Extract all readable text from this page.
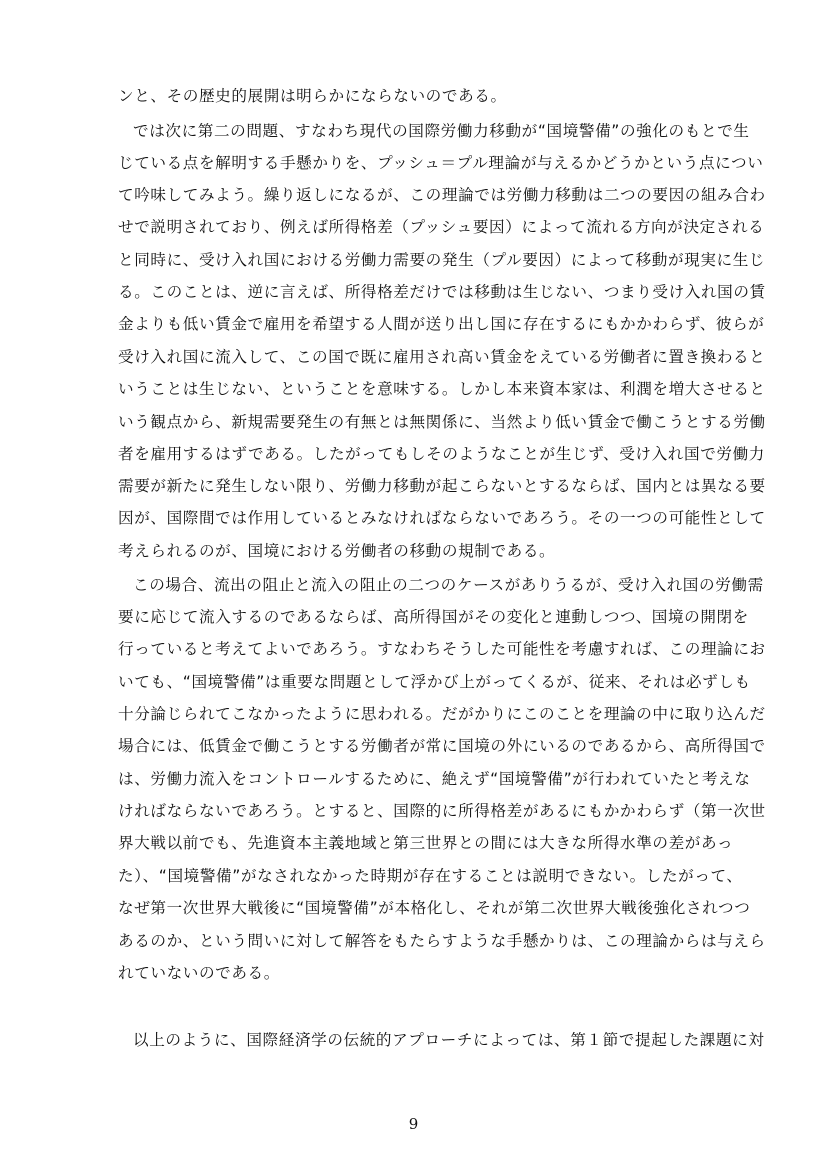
ンと、その歴史的展開は明らかにならないのである。
では次に第二の問題、すなわち現代の国際労働力移動が“国境警備”の強化のもとで生
じている点を解明する手懸かりを、プッシュ＝プル理論が与えるかどうかという点につい
て吟味してみよう。繰り返しになるが、この理論では労働力移動は二つの要因の組み合わ
せで説明されており、例えば所得格差（プッシュ要因）によって流れる方向が決定される
と同時に、受け入れ国における労働力需要の発生（プル要因）によって移動が現実に生じ
る。このことは、逆に言えば、所得格差だけでは移動は生じない、つまり受け入れ国の賃
金よりも低い賃金で雇用を希望する人間が送り出し国に存在するにもかかわらず、彼らが
受け入れ国に流入して、この国で既に雇用され高い賃金をえている労働者に置き換わると
いうことは生じない、ということを意味する。しかし本来資本家は、利潤を増大させると
いう観点から、新規需要発生の有無とは無関係に、当然より低い賃金で働こうとする労働
者を雇用するはずである。したがってもしそのようなことが生じず、受け入れ国で労働力
需要が新たに発生しない限り、労働力移動が起こらないとするならば、国内とは異なる要
因が、国際間では作用しているとみなければならないであろう。その一つの可能性として
考えられるのが、国境における労働者の移動の規制である。
この場合、流出の阻止と流入の阻止の二つのケースがありうるが、受け入れ国の労働需
要に応じて流入するのであるならば、高所得国がその変化と連動しつつ、国境の開閉を
行っていると考えてよいであろう。すなわちそうした可能性を考慮すれば、この理論にお
いても、“国境警備”は重要な問題として浮かび上がってくるが、従来、それは必ずしも
十分論じられてこなかったように思われる。だがかりにこのことを理論の中に取り込んだ
場合には、低賃金で働こうとする労働者が常に国境の外にいるのであるから、高所得国で
は、労働力流入をコントロールするために、絶えず“国境警備”が行われていたと考えな
ければならないであろう。とすると、国際的に所得格差があるにもかかわらず（第一次世
界大戦以前でも、先進資本主義地域と第三世界との間には大きな所得水準の差があっ
た）、“国境警備”がなされなかった時期が存在することは説明できない。したがって、
なぜ第一次世界大戦後に“国境警備”が本格化し、それが第二次世界大戦後強化されつつ
あるのか、という問いに対して解答をもたらすような手懸かりは、この理論からは与えら
れていないのである。
以上のように、国際経済学の伝統的アプローチによっては、第１節で提起した課題に対
9
